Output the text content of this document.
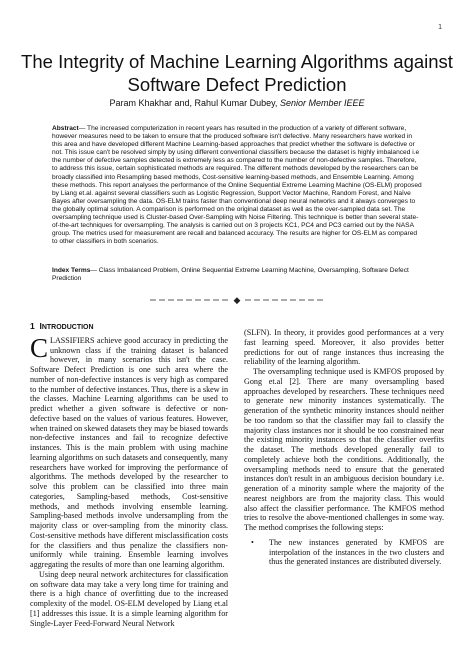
1
The Integrity of Machine Learning Algorithms against Software Defect Prediction
Param Khakhar and, Rahul Kumar Dubey, Senior Member IEEE
Abstract— The increased computerization in recent years has resulted in the production of a variety of different software, however measures need to be taken to ensure that the produced software isn't defective. Many researchers have worked in this area and have developed different Machine Learning-based approaches that predict whether the software is defective or not. This issue can't be resolved simply by using different conventional classifiers because the dataset is highly imbalanced i.e the number of defective samples detected is extremely less as compared to the number of non-defective samples. Therefore, to address this issue, certain sophisticated methods are required. The different methods developed by the researchers can be broadly classified into Resampling based methods, Cost-sensitive learning-based methods, and Ensemble Learning. Among these methods. This report analyses the performance of the Online Sequential Extreme Learning Machine (OS-ELM) proposed by Liang et.al. against several classifiers such as Logistic Regression, Support Vector Machine, Random Forest, and Naïve Bayes after oversampling the data. OS-ELM trains faster than conventional deep neural networks and it always converges to the globally optimal solution. A comparison is performed on the original dataset as well as the over-sampled data set. The oversampling technique used is Cluster-based Over-Sampling with Noise Filtering. This technique is better than several state-of-the-art techniques for oversampling. The analysis is carried out on 3 projects KC1, PC4 and PC3 carried out by the NASA group. The metrics used for measurement are recall and balanced accuracy. The results are higher for OS-ELM as compared to other classifiers in both scenarios.
Index Terms— Class Imbalanced Problem, Online Sequential Extreme Learning Machine, Oversampling, Software Defect Prediction
◆
1 INTRODUCTION

CLASSIFIERS achieve good accuracy in predicting the unknown class if the training dataset is balanced however, in many scenarios this isn't the case. Software Defect Prediction is one such area where the number of non-defective instances is very high as compared to the number of defective instances. Thus, there is a skew in the classes. Machine Learning algorithms can be used to predict whether a given software is defective or non-defective based on the values of various features. However, when trained on skewed datasets they may be biased towards non-defective instances and fail to recognize defective instances. This is the main problem with using machine learning algorithms on such datasets and consequently, many researchers have worked for improving the performance of algorithms. The methods developed by the researcher to solve this problem can be classified into three main categories, Sampling-based methods, Cost-sensitive methods, and methods involving ensemble learning. Sampling-based methods involve undersampling from the majority class or over-sampling from the minority class. Cost-sensitive methods have different misclassification costs for the classifiers and thus penalize the classifiers non-uniformly while training. Ensemble learning involves aggregating the results of more than one learning algorithm.

Using deep neural network architectures for classification on software data may take a very long time for training and there is a high chance of overfitting due to the increased complexity of the model. OS-ELM developed by Liang et.al [1] addresses this issue. It is a simple learning algorithm for Single-Layer Feed-Forward Neural Network

(SLFN). In theory, it provides good performances at a very fast learning speed. Moreover, it also provides better predictions for out of range instances thus increasing the reliability of the learning algorithm.

The oversampling technique used is KMFOS proposed by Gong et.al [2]. There are many oversampling based approaches developed by researchers. These techniques need to generate new minority instances systematically. The generation of the synthetic minority instances should neither be too random so that the classifier may fail to classify the majority class instances nor it should be too constrained near the existing minority instances so that the classifier overfits the dataset. The methods developed generally fail to completely achieve both the conditions. Additionally, the oversampling methods need to ensure that the generated instances don't result in an ambiguous decision boundary i.e. generation of a minority sample where the majority of the nearest neighbors are from the majority class. This would also affect the classifier performance. The KMFOS method tries to resolve the above-mentioned challenges in some way. The method comprises the following steps:

•	The new instances generated by KMFOS are interpolation of the instances in the two clusters and thus the generated instances are distributed diversely.
